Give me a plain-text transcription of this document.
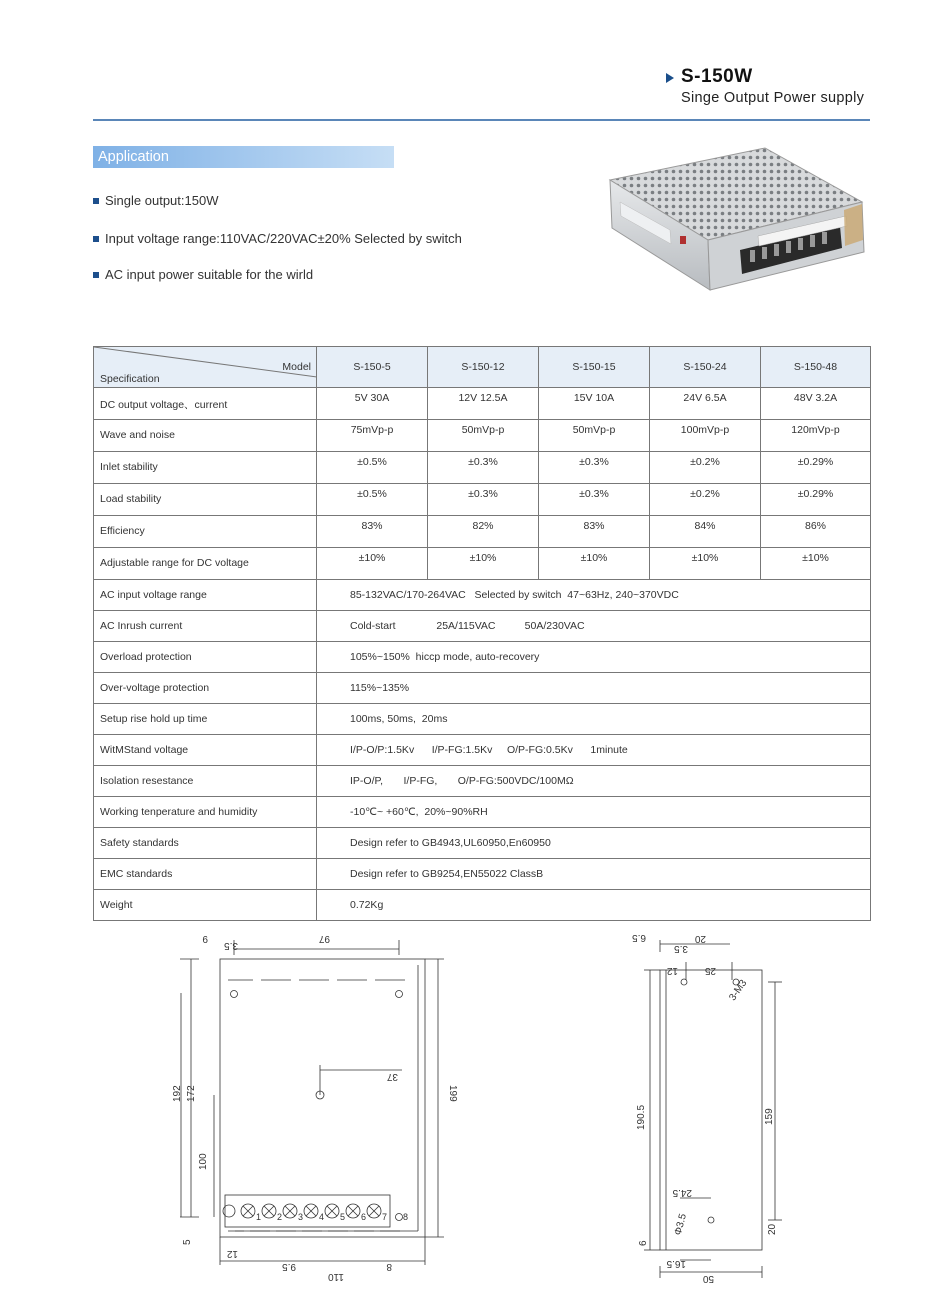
S-150W
Singe Output Power supply
Application
Single output:150W
Input voltage range:110VAC/220VAC±20% Selected by switch
AC input power suitable for the wirld
Model
Specification	S-150-5	S-150-12	S-150-15	S-150-24	S-150-48
DC output voltage、current	5V 30A	12V 12.5A	15V 10A	24V 6.5A	48V 3.2A
Wave and noise	75mVp-p	50mVp-p	50mVp-p	100mVp-p	120mVp-p
Inlet stability	±0.5%	±0.3%	±0.3%	±0.2%	±0.29%
Load stability	±0.5%	±0.3%	±0.3%	±0.2%	±0.29%
Efficiency	83%	82%	83%	84%	86%
Adjustable range for DC voltage	±10%	±10%	±10%	±10%	±10%
AC input voltage range	85-132VAC/170-264VAC   Selected by switch  47~63Hz, 240~370VDC				
AC Inrush current	Cold-start              25A/115VAC          50A/230VAC				
Overload protection	105%~150%  hiccp mode, auto-recovery				
Over-voltage protection	115%~135%				
Setup rise hold up time	100ms, 50ms,  20ms				
WitMStand voltage	I/P-O/P:1.5Kv      I/P-FG:1.5Kv     O/P-FG:0.5Kv      1minute				
Isolation resestance	IP-O/P,       I/P-FG,       O/P-FG:500VDC/100MΩ				
Working tenperature and humidity	-10℃~ +60℃,  20%~90%RH				
Safety standards	Design refer to GB4943,UL60950,En60950				
EMC standards	Design refer to GB9254,EN55022 ClassB				
Weight	0.72Kg				
97
9
3.5
192 172
100
5
199
37
12
9.5	8
110
1 2 3 4 5 6 7 8
6.5
3.5
20
12	25
3-M3
190.5	159
24.5
6
Φ3.5	20
16.5
50
